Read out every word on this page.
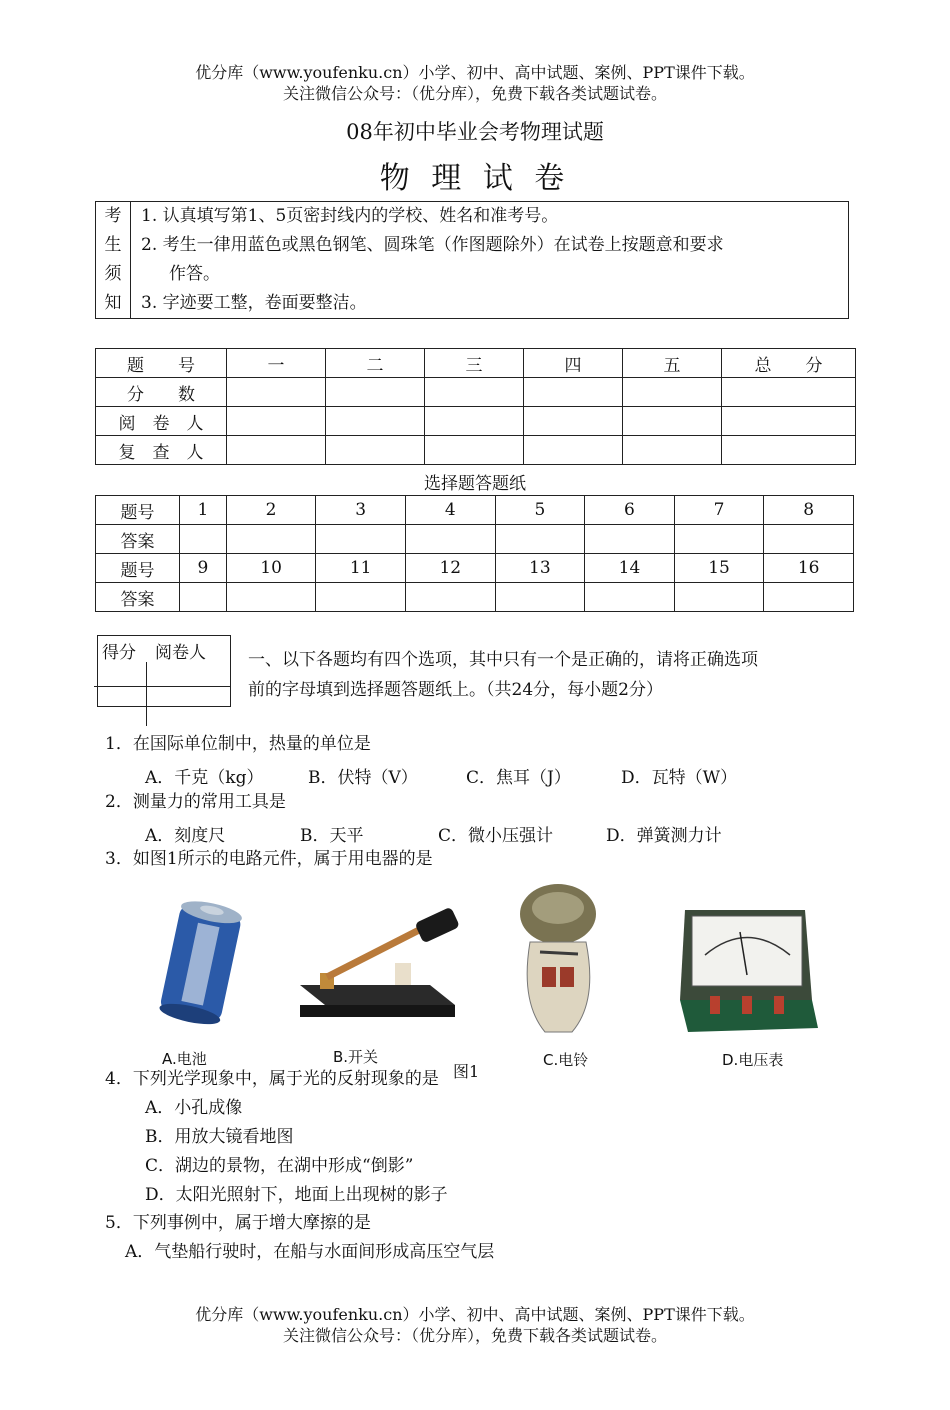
优分库（www.youfenku.cn）小学、初中、高中试题、案例、PPT课件下载。
关注微信公众号：（优分库），免费下载各类试题试卷。
08年初中毕业会考物理试题
物 理 试 卷
考
生
须
知

1. 认真填写第1、5页密封线内的学校、姓名和准考号。
2. 考生一律用蓝色或黑色钢笔、圆珠笔（作图题除外）在试卷上按题意和要求
作答。
3. 字迹要工整，卷面要整洁。
题　　号	一	二	三	四	五	总　　分
分　　数						
阅　卷　人						
复　查　人						
选择题答题纸
题号	1	2	3	4	5	6	7	8
答案								
题号	9	10	11	12	13	14	15	16
答案								
得分 阅卷人 一、以下各题均有四个选项，其中只有一个是正确的，请将正确选项
前的字母填到选择题答题纸上。（共24分，每小题2分）
1．在国际单位制中，热量的单位是
A．千克（kg）	B．伏特（V）	C．焦耳（J）	D．瓦特（W）
2．测量力的常用工具是
A．刻度尺	B．天平	C．微小压强计	D．弹簧测力计
3．如图1所示的电路元件，属于用电器的是
A.电池	B.开关	C.电铃	D.电压表
图1
4．下列光学现象中，属于光的反射现象的是
A．小孔成像
B．用放大镜看地图
C．湖边的景物，在湖中形成“倒影”
D．太阳光照射下，地面上出现树的影子
5．下列事例中，属于增大摩擦的是
A．气垫船行驶时，在船与水面间形成高压空气层
优分库（www.youfenku.cn）小学、初中、高中试题、案例、PPT课件下载。
关注微信公众号：（优分库），免费下载各类试题试卷。
